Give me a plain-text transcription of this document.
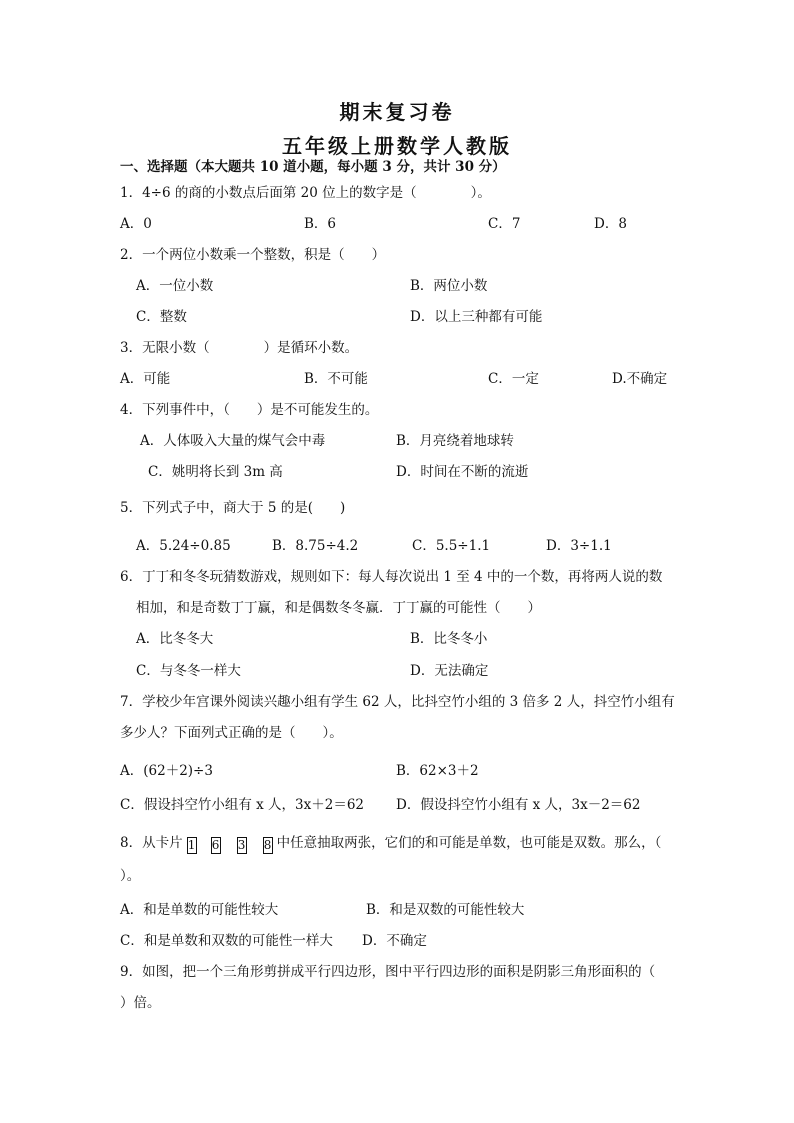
期末复习卷
五年级上册数学人教版
一、选择题（本大题共 10 道小题，每小题 3 分，共计 30 分）
1．4÷6 的商的小数点后面第 20 位上的数字是（　　　　）。
A．0	B．6	C．7	D．8
2．一个两位小数乘一个整数，积是（　　）
A．一位小数	B．两位小数
C．整数	D．以上三种都有可能
3．无限小数（　　　　）是循环小数。
A．可能	B．不可能	C．一定	D.不确定
4．下列事件中，（　　）是不可能发生的。
A．人体吸入大量的煤气会中毒	B．月亮绕着地球转
C．姚明将长到 3m 高	D．时间在不断的流逝
5．下列式子中，商大于 5 的是(　　)
A．5.24÷0.85	B．8.75÷4.2	C．5.5÷1.1	D．3÷1.1
6．丁丁和冬冬玩猜数游戏，规则如下：每人每次说出 1 至 4 中的一个数，再将两人说的数
相加，和是奇数丁丁赢，和是偶数冬冬赢．丁丁赢的可能性（　　）
A．比冬冬大	B．比冬冬小
C．与冬冬一样大	D．无法确定
7．学校少年宫课外阅读兴趣小组有学生 62 人，比抖空竹小组的 3 倍多 2 人，抖空竹小组有
多少人？下面列式正确的是（　　）。
A．(62＋2)÷3	B．62×3＋2
C．假设抖空竹小组有 x 人，3x＋2＝62 D．假设抖空竹小组有 x 人，3x－2＝62
8．从卡片 1 6 3 8 中任意抽取两张，它们的和可能是单数，也可能是双数。那么，（
）。
A．和是单数的可能性较大	B．和是双数的可能性较大
C．和是单数和双数的可能性一样大 D．不确定
9．如图，把一个三角形剪拼成平行四边形，图中平行四边形的面积是阴影三角形面积的（
）倍。
